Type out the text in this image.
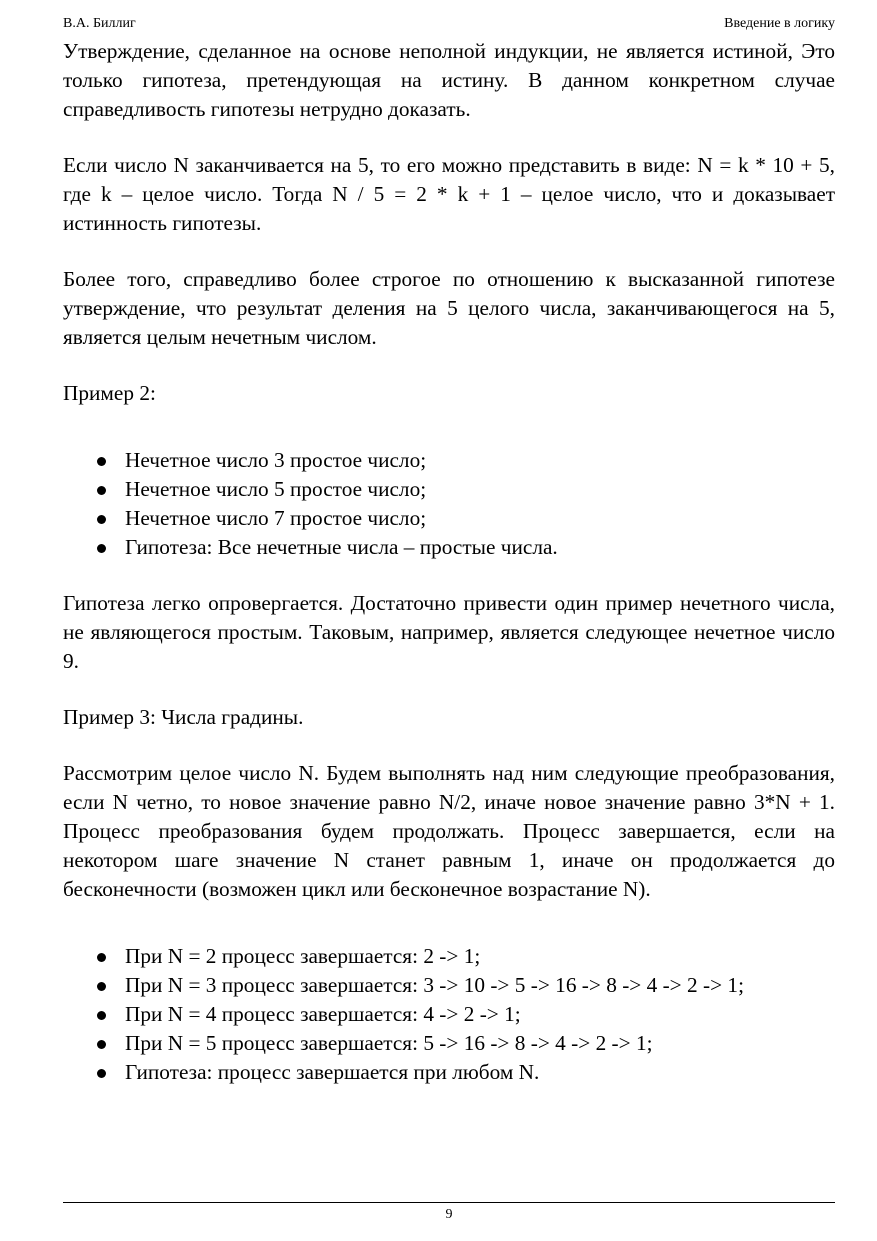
В.А. Биллиг	Введение в логику

Утверждение, сделанное на основе неполной индукции, не является истиной, Это только гипотеза, претендующая на истину. В данном конкретном случае справедливость гипотезы нетрудно доказать.

Если число N заканчивается на 5, то его можно представить в виде: N = k * 10 + 5, где k – целое число. Тогда N / 5 = 2 * k + 1 – целое число, что и доказывает истинность гипотезы.

Более того, справедливо более строгое по отношению к высказанной гипотезе утверждение, что результат деления на 5 целого числа, заканчивающегося на 5, является целым нечетным числом.

Пример 2:

Нечетное число 3 простое число;
Нечетное число 5 простое число;
Нечетное число 7 простое число;
Гипотеза: Все нечетные числа – простые числа.

Гипотеза легко опровергается. Достаточно привести один пример нечетного числа, не являющегося простым. Таковым, например, является следующее нечетное число 9.

Пример 3: Числа градины.

Рассмотрим целое число N. Будем выполнять над ним следующие преобразования, если N четно, то новое значение равно N/2, иначе новое значение равно 3*N + 1. Процесс преобразования будем продолжать. Процесс завершается, если на некотором шаге значение N станет равным 1, иначе он продолжается до бесконечности (возможен цикл или бесконечное возрастание N).

При N = 2 процесс завершается: 2 -> 1;
При N = 3 процесс завершается: 3 -> 10 -> 5 -> 16 -> 8 -> 4 -> 2 -> 1;
При N = 4 процесс завершается: 4 -> 2 -> 1;
При N = 5 процесс завершается: 5 -> 16 -> 8 -> 4 -> 2 -> 1;
Гипотеза: процесс завершается при любом N.
9
